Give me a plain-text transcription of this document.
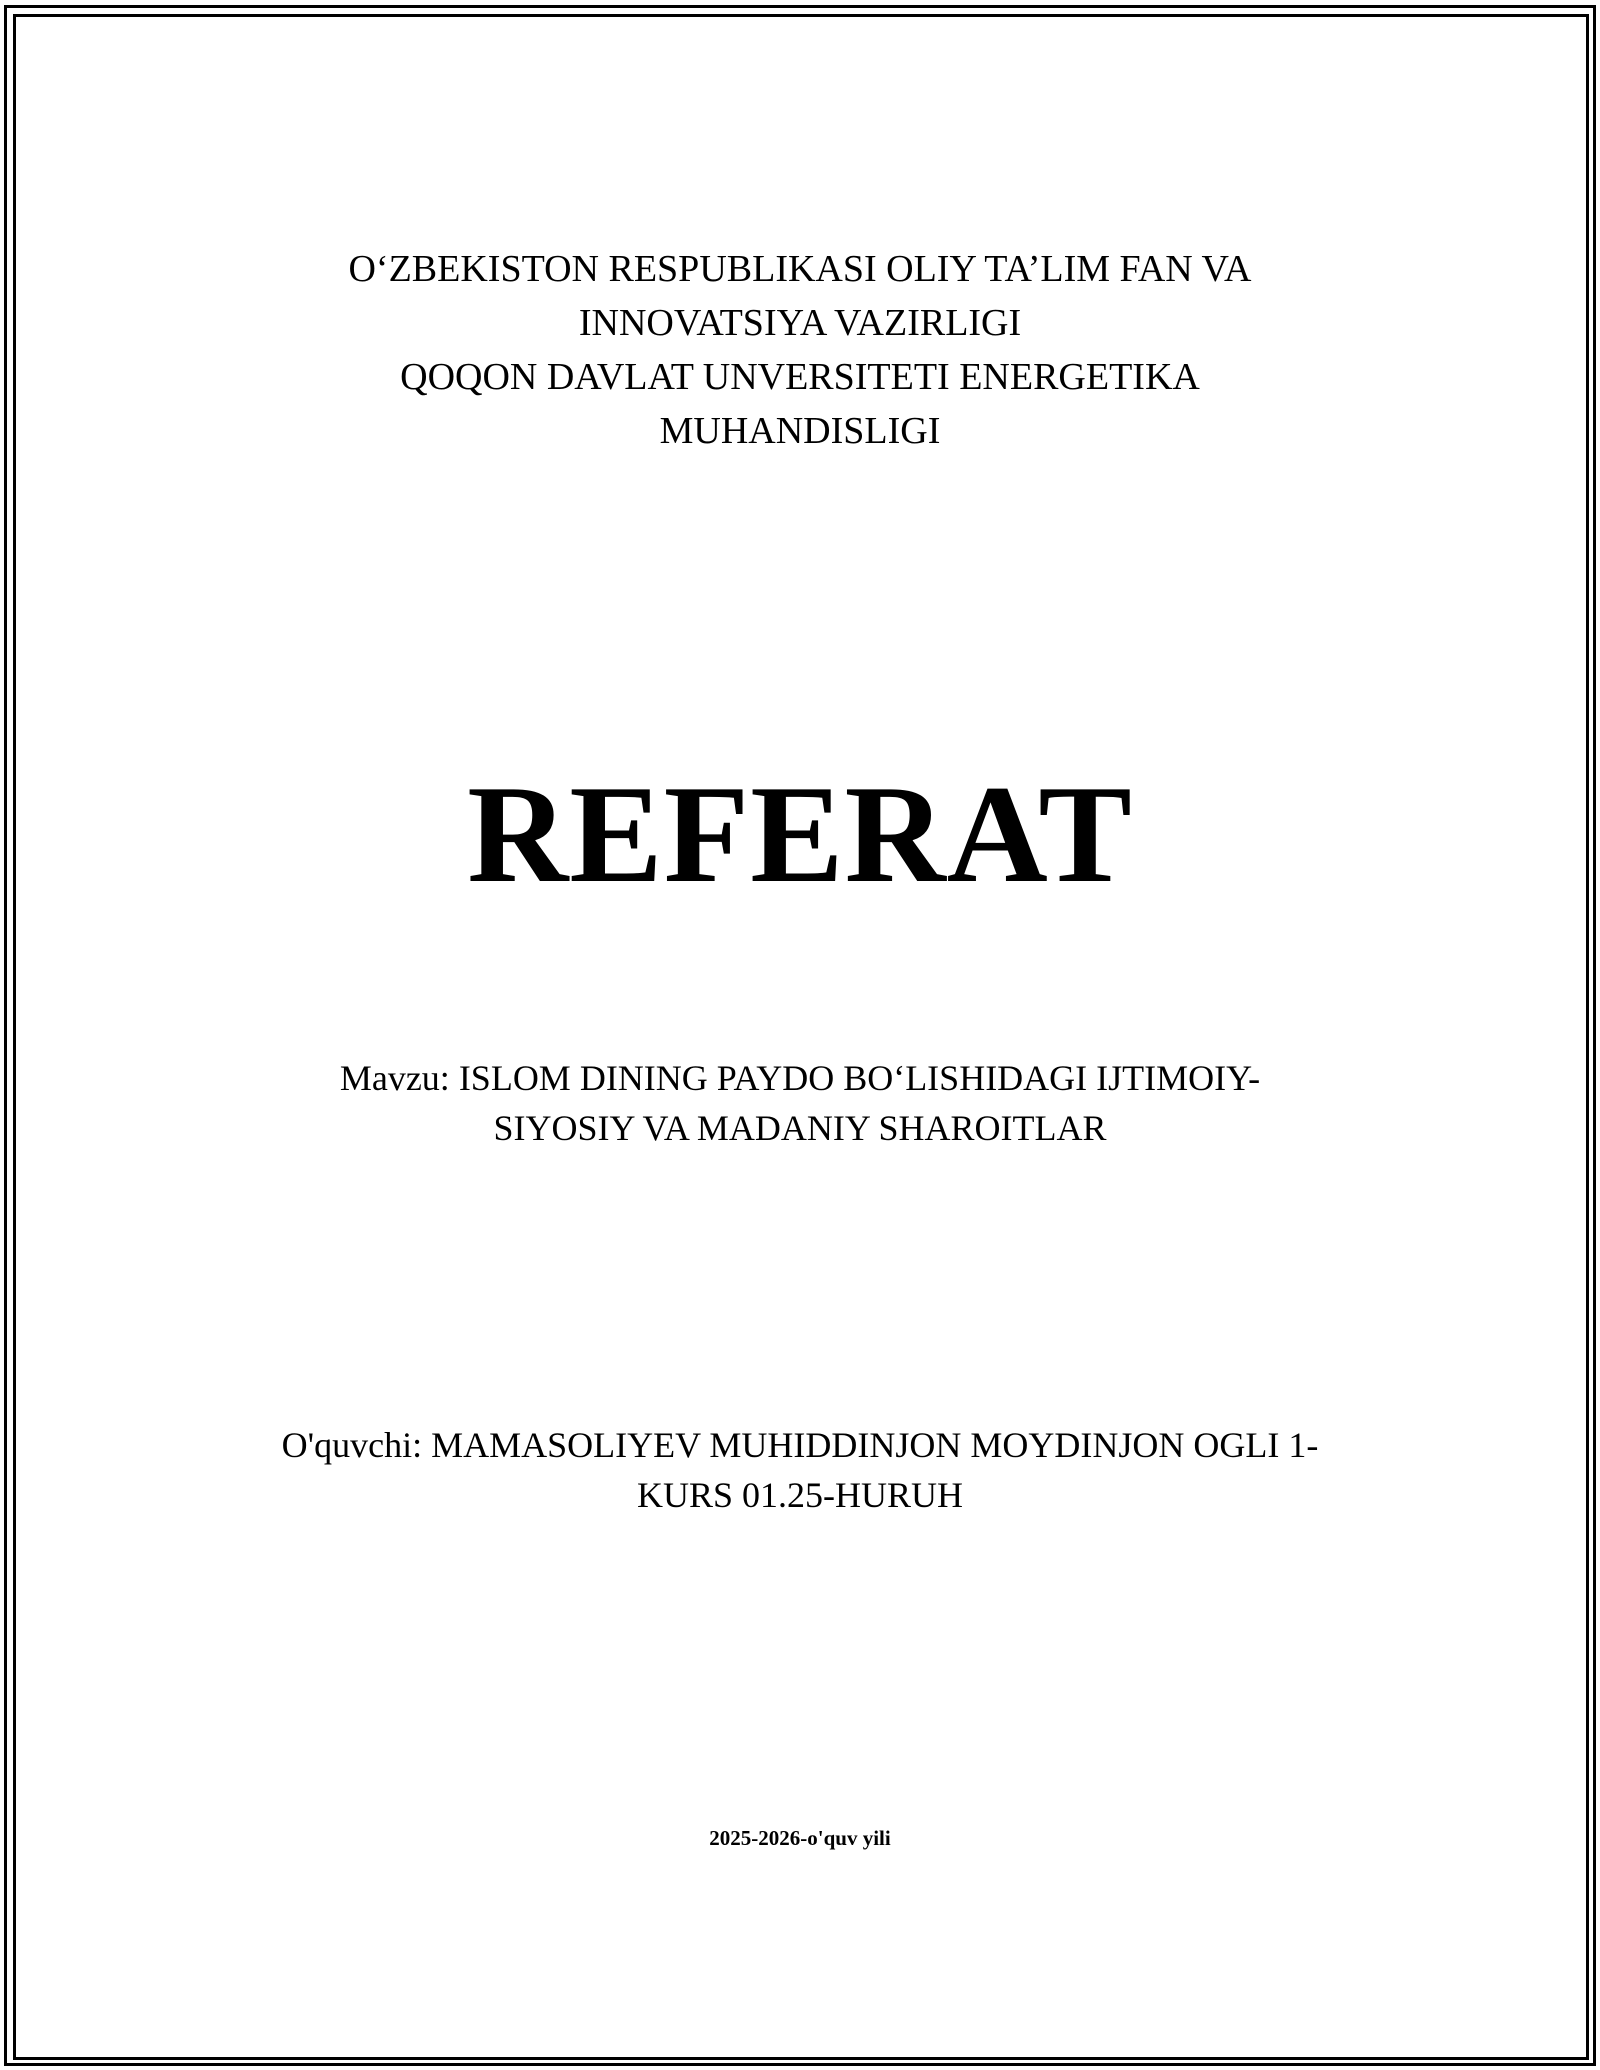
O‘ZBEKISTON RESPUBLIKASI OLIY TA’LIM FAN VA
INNOVATSIYA VAZIRLIGI
QOQON DAVLAT UNVERSITETI ENERGETIKA
MUHANDISLIGI
REFERAT
Mavzu: ISLOM DINING PAYDO BO‘LISHIDAGI IJTIMOIY-
SIYOSIY VA MADANIY SHAROITLAR
O'quvchi: MAMASOLIYEV MUHIDDINJON MOYDINJON OGLI 1-
KURS 01.25-HURUH
2025-2026-o'quv yili
